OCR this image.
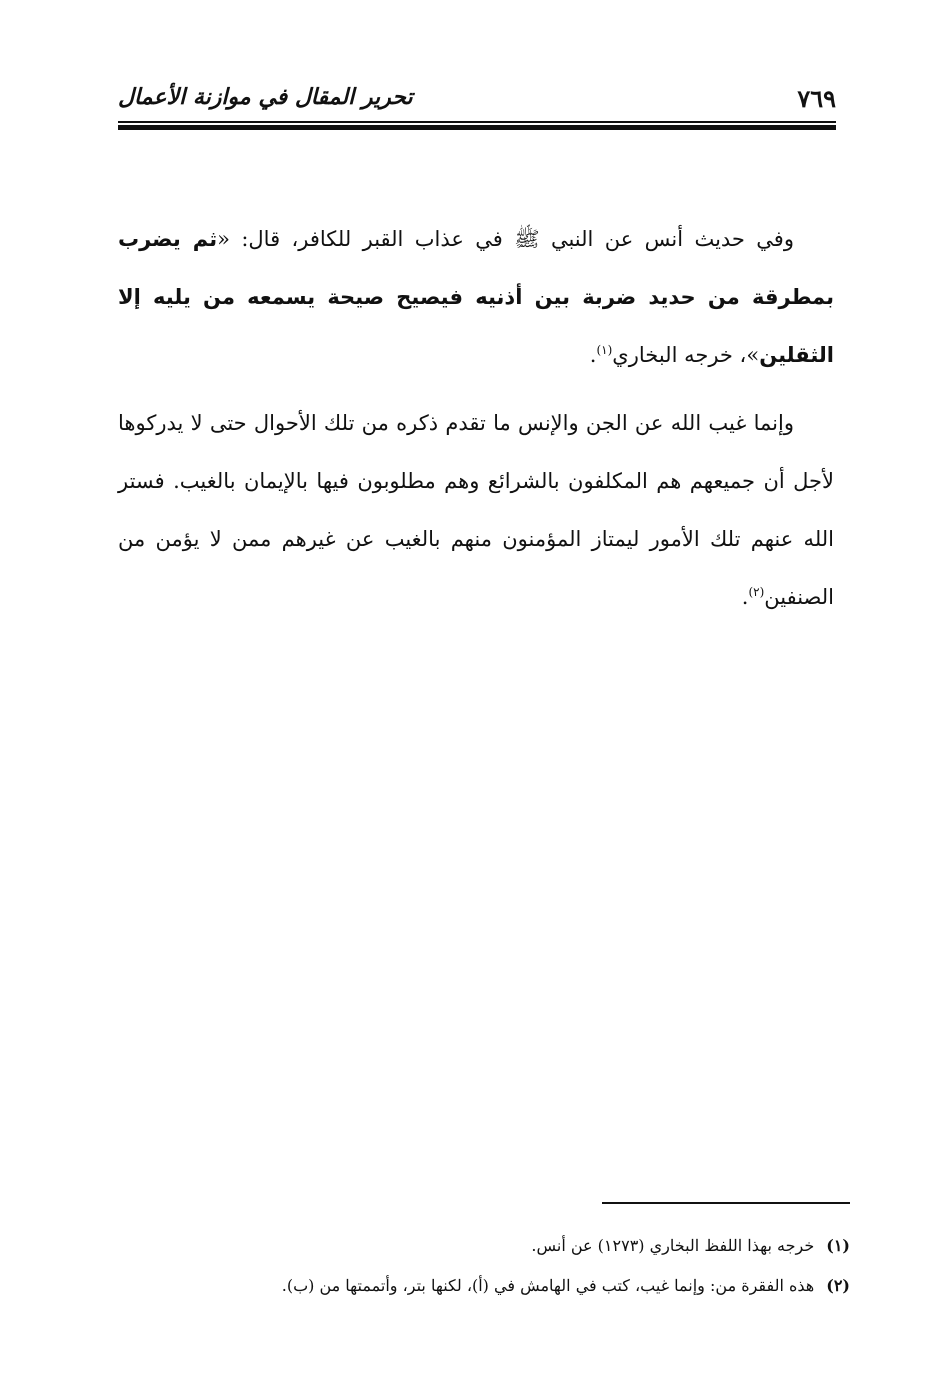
٧٦٩
تحرير المقال في موازنة الأعمال

وفي حديث أنس عن النبي ﷺ في عذاب القبر للكافر، قال: «ثم يضرب بمطرقة من حديد ضربة بين أذنيه فيصيح صيحة يسمعه من يليه إلا الثقلين»، خرجه البخاري$^{(١)}$.

وإنما غيب الله عن الجن والإنس ما تقدم ذكره من تلك الأحوال حتى لا يدركوها لأجل أن جميعهم هم المكلفون بالشرائع وهم مطلوبون فيها بالإيمان بالغيب. فستر الله عنهم تلك الأمور ليمتاز المؤمنون منهم بالغيب عن غيرهم ممن لا يؤمن من الصنفين$^{(٢)}$.

(١)خرجه بهذا اللفظ البخاري (١٢٧٣) عن أنس.
(٢)هذه الفقرة من: وإنما غيب، كتب في الهامش في (أ)، لكنها بتر، وأتممتها من (ب).
